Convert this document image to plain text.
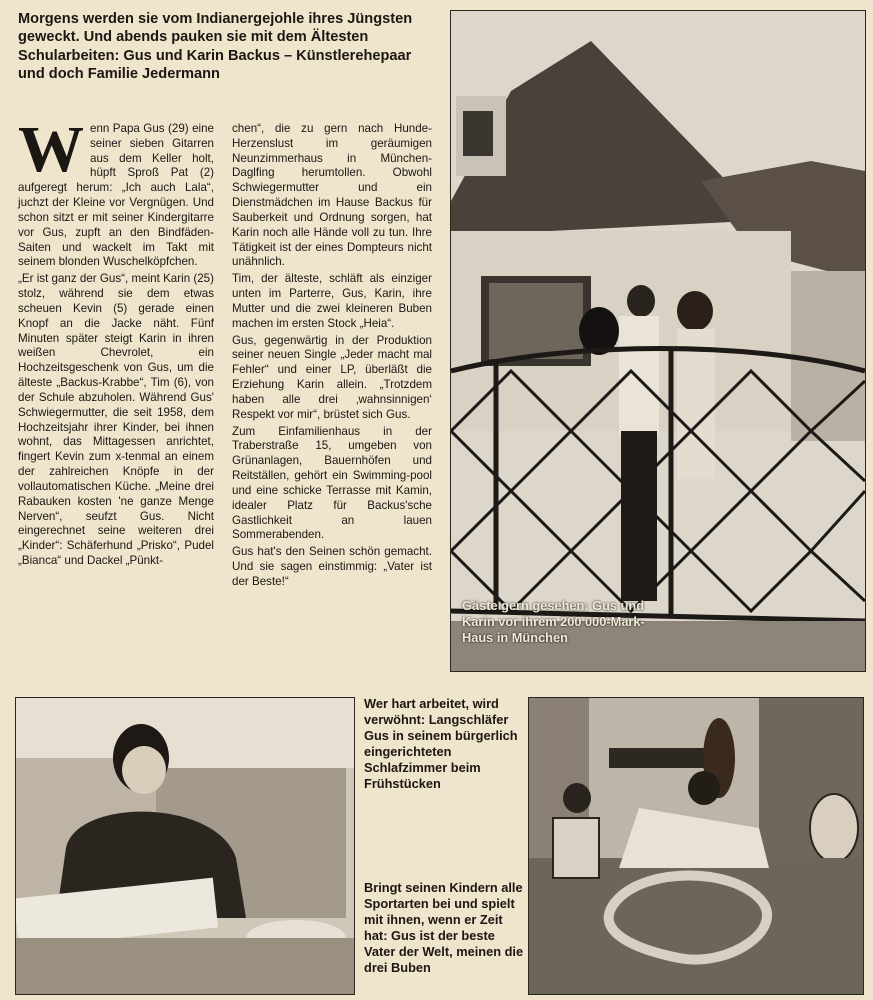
Morgens werden sie vom Indianergejohle ihres Jüngsten geweckt. Und abends pauken sie mit dem Ältesten Schularbeiten: Gus und Karin Backus – Künstlerehepaar und doch Familie Jedermann
W enn Papa Gus (29) eine seiner sieben Gitarren aus dem Keller holt, hüpft Sproß Pat (2) aufgeregt herum: „Ich auch Lala“, juchzt der Kleine vor Vergnügen. Und schon sitzt er mit seiner Kindergitarre vor Gus, zupft an den Bindfäden-Saiten und wackelt im Takt mit seinem blonden Wuschelköpfchen.

„Er ist ganz der Gus“, meint Karin (25) stolz, während sie dem etwas scheuen Kevin (5) gerade einen Knopf an die Jacke näht. Fünf Minuten später steigt Karin in ihren weißen Chevrolet, ein Hochzeitsgeschenk von Gus, um die älteste „Backus-Krabbe“, Tim (6), von der Schule abzuholen. Während Gus' Schwiegermutter, die seit 1958, dem Hochzeitsjahr ihrer Kinder, bei ihnen wohnt, das Mittagessen anrichtet, fingert Kevin zum x-tenmal an einem der zahlreichen Knöpfe in der vollautomatischen Küche. „Meine drei Rabauken kosten 'ne ganze Menge Nerven“, seufzt Gus. Nicht eingerechnet seine weiteren drei „Kinder“: Schäferhund „Prisko“, Pudel „Bianca“ und Dackel „Pünkt-

chen“, die zu gern nach Hunde-Herzenslust im geräumigen Neunzimmerhaus in München-Daglfing herumtollen. Obwohl Schwiegermutter und ein Dienstmädchen im Hause Backus für Sauberkeit und Ordnung sorgen, hat Karin noch alle Hände voll zu tun. Ihre Tätigkeit ist der eines Dompteurs nicht unähnlich.

Tim, der älteste, schläft als einziger unten im Parterre, Gus, Karin, ihre Mutter und die zwei kleineren Buben machen im ersten Stock „Heia“.

Gus, gegenwärtig in der Produktion seiner neuen Single „Jeder macht mal Fehler“ und einer LP, überläßt die Erziehung Karin allein. „Trotzdem haben alle drei ‚wahnsinnigen‘ Respekt vor mir“, brüstet sich Gus.

Zum Einfamilienhaus in der Traberstraße 15, umgeben von Grünanlagen, Bauernhöfen und Reitställen, gehört ein Swimming-pool und eine schicke Terrasse mit Kamin, idealer Platz für Backus'sche Gastlichkeit an lauen Sommerabenden.

Gus hat's den Seinen schön gemacht. Und sie sagen einstimmig: „Vater ist der Beste!“

Gäste gern gesehen: Gus und Karin vor ihrem 200 000-Mark-Haus in München
Wer hart arbeitet, wird verwöhnt: Langschläfer Gus in seinem bürgerlich eingerichteten Schlafzimmer beim Frühstücken
Bringt seinen Kindern alle Sportarten bei und spielt mit ihnen, wenn er Zeit hat: Gus ist der beste Vater der Welt, meinen die drei Buben
